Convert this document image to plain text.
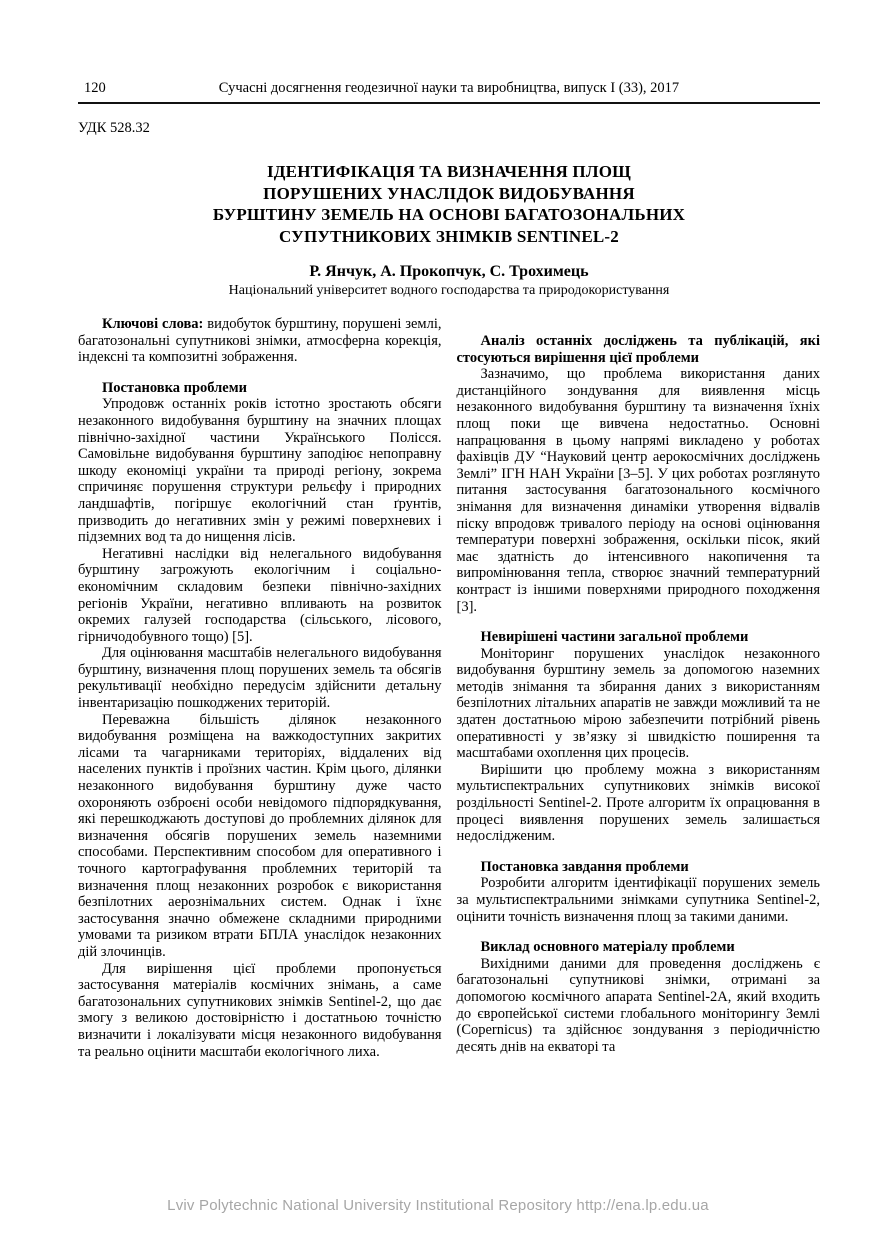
120	Сучасні досягнення геодезичної науки та виробництва, випуск І (33), 2017
УДК 528.32
ІДЕНТИФІКАЦІЯ ТА ВИЗНАЧЕННЯ ПЛОЩ
ПОРУШЕНИХ УНАСЛІДОК ВИДОБУВАННЯ
БУРШТИНУ ЗЕМЕЛЬ НА ОСНОВІ БАГАТОЗОНАЛЬНИХ
СУПУТНИКОВИХ ЗНІМКІВ SENTINEL-2
Р. Янчук, А. Прокопчук, С. Трохимець
Національний університет водного господарства та природокористування

Ключові слова: видобуток бурштину, порушені землі, багатозональні супутникові знімки, атмосферна корекція, індексні та композитні зображення.

Постановка проблеми

Упродовж останніх років істотно зростають обсяги незаконного видобування бурштину на значних площах північно-західної частини Українського Полісся. Самовільне видобування бурштину заподіює непоправну шкоду економіці україни та природі регіону, зокрема спричиняє порушення структури рельєфу і природних ландшафтів, погіршує екологічний стан ґрунтів, призводить до негативних змін у режимі поверхневих і підземних вод та до нищення лісів.

Негативні наслідки від нелегального видобування бурштину загрожують екологічним і соціально-економічним складовим безпеки північно-західних регіонів України, негативно впливають на розвиток окремих галузей господарства (сільського, лісового, гірничодобувного тощо) [5].

Для оцінювання масштабів нелегального видобування бурштину, визначення площ порушених земель та обсягів рекультивації необхідно передусім здійснити детальну інвентаризацію пошкоджених територій.

Переважна більшість ділянок незаконного видобування розміщена на важкодоступних закритих лісами та чагарниками територіях, віддалених від населених пунктів і проїзних частин. Крім цього, ділянки незаконного видобування бурштину дуже часто охороняють озброєні особи невідомого підпорядкування, які перешкоджають доступові до проблемних ділянок для визначення обсягів порушених земель наземними способами. Перспективним способом для оперативного і точного картографування проблемних територій та визначення площ незаконних розробок є використання безпілотних аерознімальних систем. Однак і їхнє застосування значно обмежене складними природними умовами та ризиком втрати БПЛА унаслідок незаконних дій злочинців.

Для вирішення цієї проблеми пропонується застосування матеріалів космічних знімань, а саме багатозональних супутникових знімків Sentinel-2, що дає змогу з великою достовірністю і достатньою точністю визначити і локалізувати місця незаконного видобування та реально оцінити масштаби екологічного лиха.

Аналіз останніх досліджень та публікацій, які стосуються вирішення цієї проблеми

Зазначимо, що проблема використання даних дистанційного зондування для виявлення місць незаконного видобування бурштину та визначення їхніх площ поки ще вивчена недостатньо. Основні напрацювання в цьому напрямі викладено у роботах фахівців ДУ “Науковий центр аерокосмічних досліджень Землі” ІГН НАН України [3–5]. У цих роботах розглянуто питання застосування багатозонального космічного знімання для визначення динаміки утворення відвалів піску впродовж тривалого періоду на основі оцінювання температури поверхні зображення, оскільки пісок, який має здатність до інтенсивного накопичення та випромінювання тепла, створює значний температурний контраст із іншими поверхнями природного походження [3].

Невирішені частини загальної проблеми

Моніторинг порушених унаслідок незаконного видобування бурштину земель за допомогою наземних методів знімання та збирання даних з використанням безпілотних літальних апаратів не завжди можливий та не здатен достатньою мірою забезпечити потрібний рівень оперативності у зв’язку зі швидкістю поширення та масштабами охоплення цих процесів.

Вирішити цю проблему можна з використанням мультиспектральних супутникових знімків високої роздільності Sentinel-2. Проте алгоритм їх опрацювання в процесі виявлення порушених земель залишається недослідженим.

Постановка завдання проблеми

Розробити алгоритм ідентифікації порушених земель за мультиспектральними знімками супутника Sentinel-2, оцінити точність визначення площ за такими даними.

Виклад основного матеріалу проблеми

Вихідними даними для проведення досліджень є багатозональні супутникові знімки, отримані за допомогою космічного апарата Sentinel-2A, який входить до європейської системи глобального моніторингу Землі (Copernicus) та здійснює зондування з періодичністю десять днів на екваторі та

Lviv Polytechnic National University Institutional Repository http://ena.lp.edu.ua
